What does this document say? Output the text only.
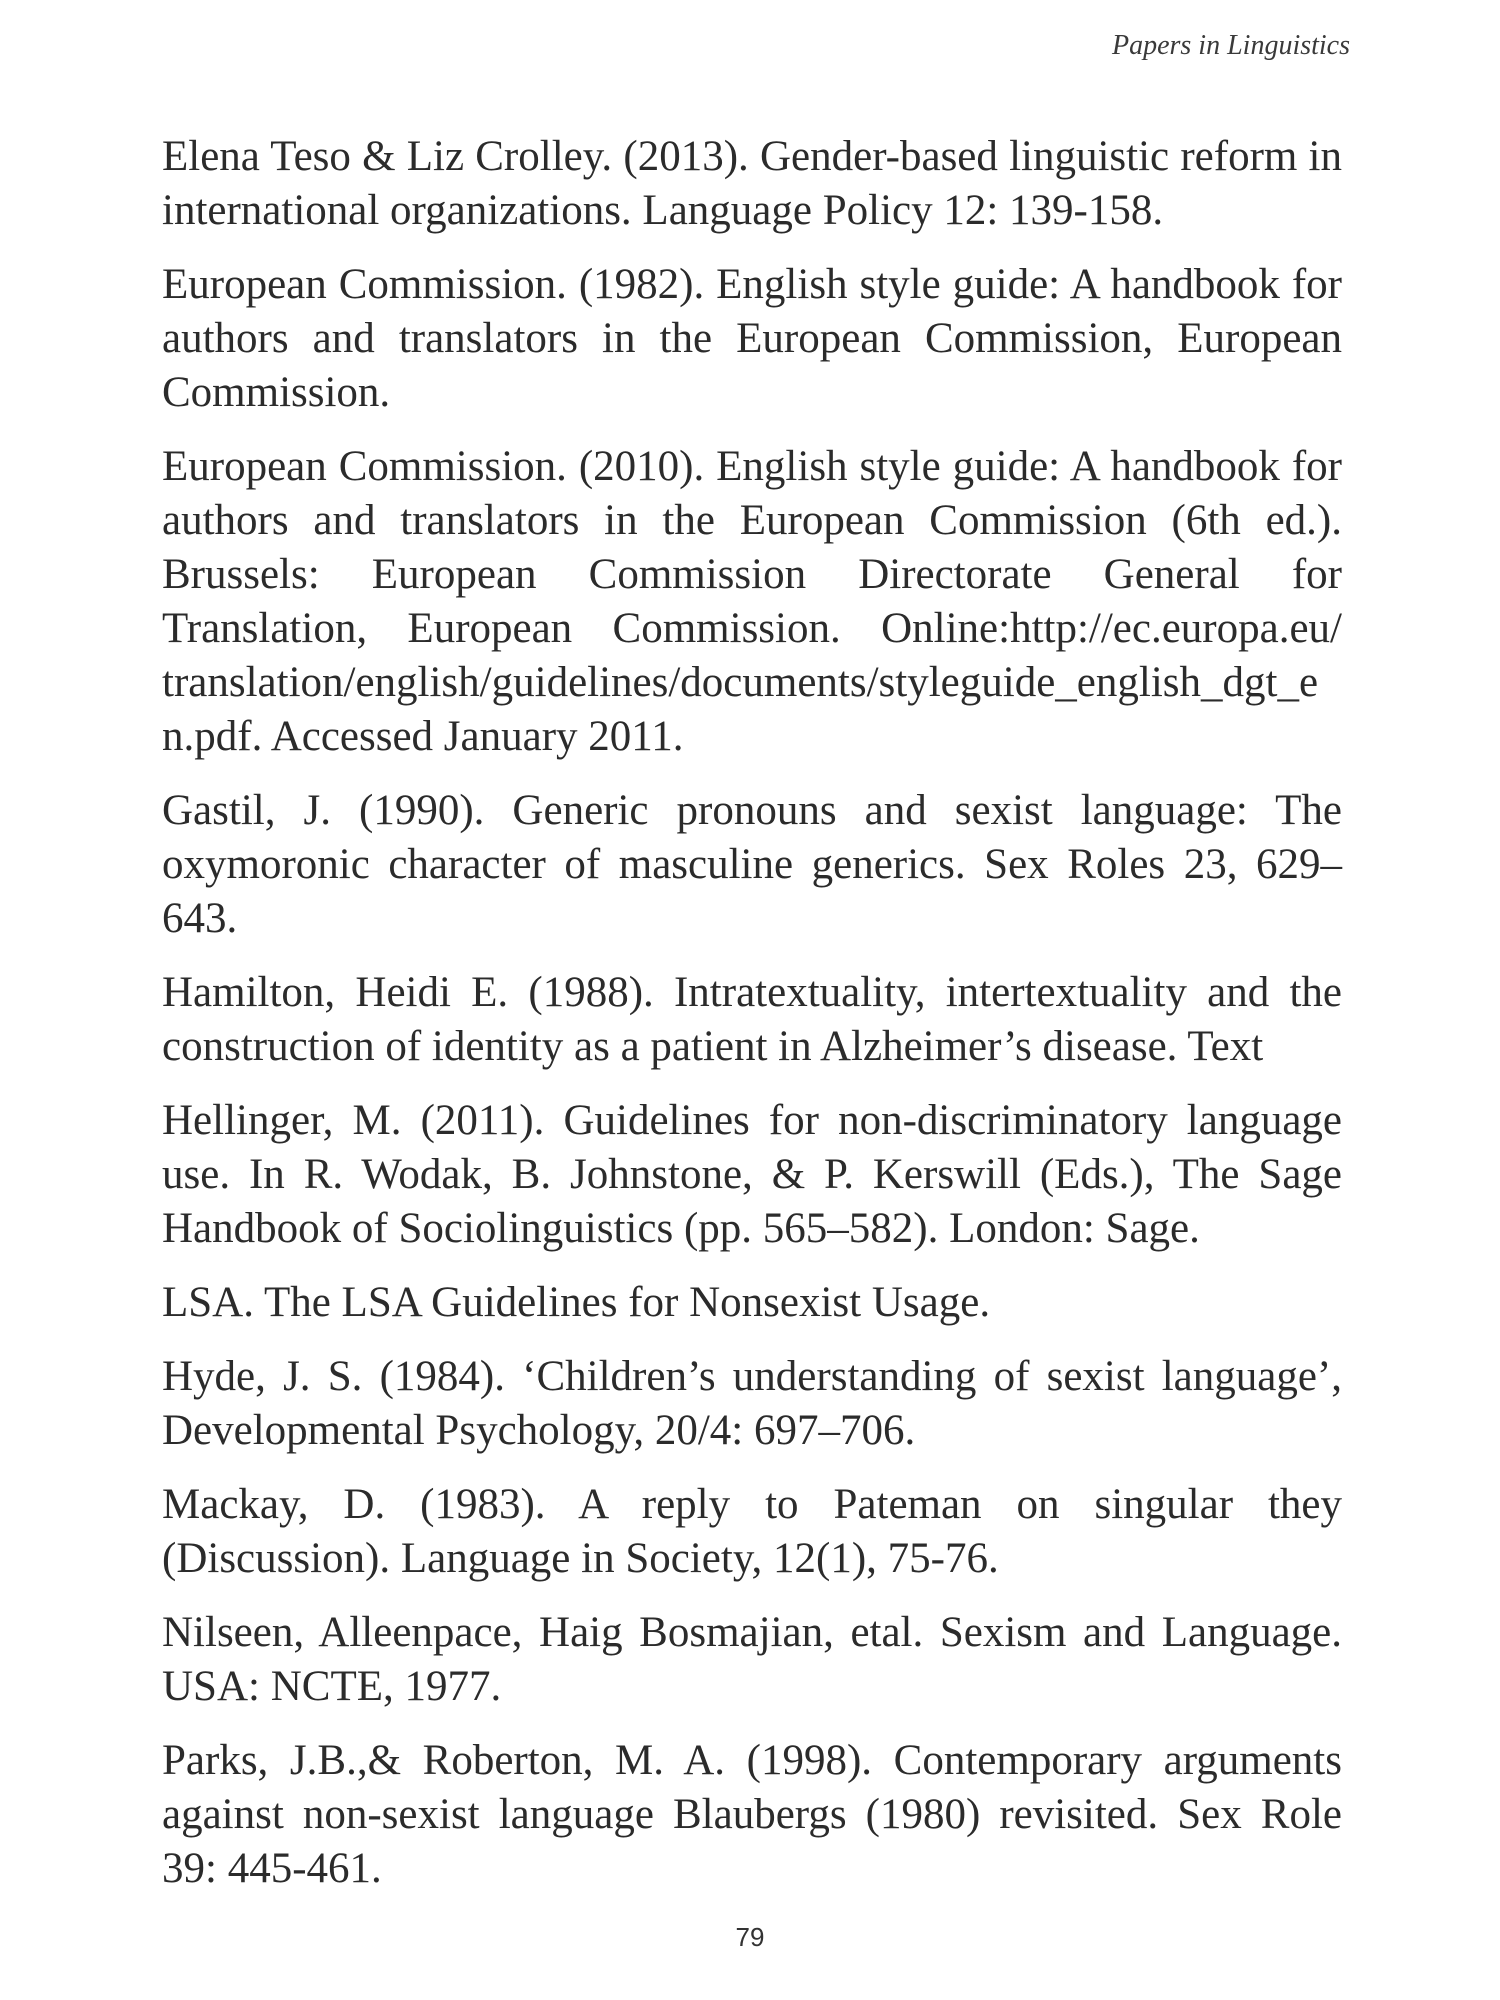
Papers in Linguistics

Elena Teso & Liz Crolley. (2013). Gender-based linguistic reform in international organizations. Language Policy 12: 139-158.

European Commission. (1982). English style guide: A handbook for authors and translators in the European Commission, European Commission.

European Commission. (2010). English style guide: A handbook for authors and translators in the European Commission (6th ed.). Brussels: European Commission Directorate General for Translation, European Commission. Online:http://ec.europa.eu/ translation/english/guidelines/documents/styleguide_english_dgt_e n.pdf. Accessed January 2011.

Gastil, J. (1990). Generic pronouns and sexist language: The oxymoronic character of masculine generics. Sex Roles 23, 629–643.

Hamilton, Heidi E. (1988). Intratextuality, intertextuality and the construction of identity as a patient in Alzheimer’s disease. Text

Hellinger, M. (2011). Guidelines for non-discriminatory language use. In R. Wodak, B. Johnstone, & P. Kerswill (Eds.), The Sage Handbook of Sociolinguistics (pp. 565–582). London: Sage.

LSA. The LSA Guidelines for Nonsexist Usage.

Hyde, J. S. (1984). ‘Children’s understanding of sexist language’, Developmental Psychology, 20/4: 697–706.

Mackay, D. (1983). A reply to Pateman on singular they (Discussion). Language in Society, 12(1), 75-76.

Nilseen, Alleenpace, Haig Bosmajian, etal. Sexism and Language. USA: NCTE, 1977.

Parks, J.B.,& Roberton, M. A. (1998). Contemporary arguments against non-sexist language Blaubergs (1980) revisited. Sex Role 39: 445-461.

79
